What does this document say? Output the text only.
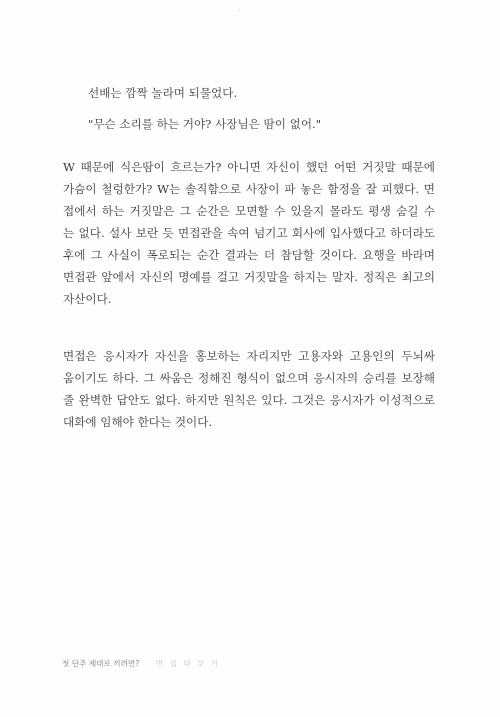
선배는 깜짝 놀라며 되물었다.
"무슨 소리를 하는 거야? 사장님은 땀이 없어."
W 때문에 식은땀이 흐르는가? 아니면 자신이 했던 어떤 거짓말 때문에
가슴이 철렁한가? W는 솔직함으로 사장이 파 놓은 함정을 잘 피했다. 면
접에서 하는 거짓말은 그 순간은 모면할 수 있을지 몰라도 평생 숨길 수
는 없다. 설사 보란 듯 면접관을 속여 넘기고 회사에 입사했다고 하더라도
후에 그 사실이 폭로되는 순간 결과는 더 참담할 것이다. 요행을 바라며
면접관 앞에서 자신의 명예를 걸고 거짓말을 하지는 말자. 정직은 최고의
자산이다.
면접은 응시자가 자신을 홍보하는 자리지만 고용자와 고용인의 두뇌싸
움이기도 하다. 그 싸움은 정해진 형식이 없으며 응시자의 승리를 보장해
줄 완벽한 답안도 없다. 하지만 원칙은 있다. 그것은 응시자가 이성적으로
대화에 임해야 한다는 것이다.
첫 단추 제대로 끼려면? 면 접 대 부 기
